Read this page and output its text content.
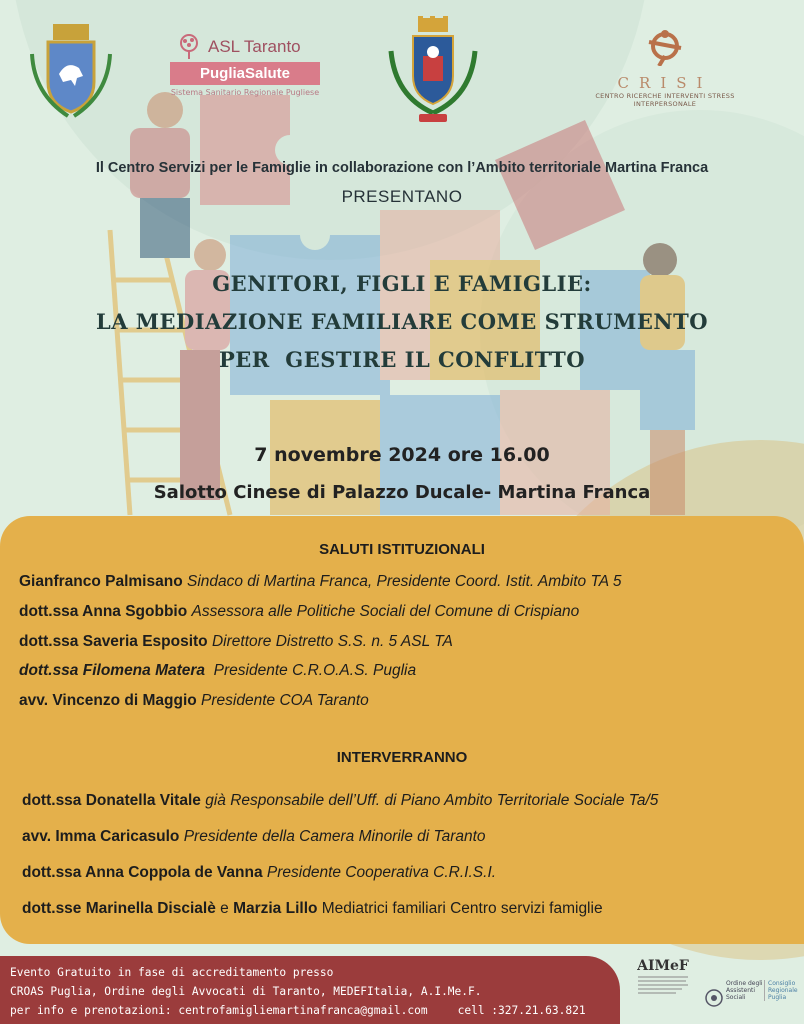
ASL Taranto
PugliaSalute
Sistema Sanitario Regionale Pugliese
CRISI
CENTRO RICERCHE INTERVENTI STRESS INTERPERSONALE
Il Centro Servizi per le Famiglie in collaborazione con l’Ambito territoriale Martina Franca
PRESENTANO
GENITORI, FIGLI E FAMIGLIE:
LA MEDIAZIONE FAMILIARE COME STRUMENTO
PER  GESTIRE IL CONFLITTO
7 novembre 2024 ore 16.00
Salotto Cinese di Palazzo Ducale- Martina Franca
SALUTI ISTITUZIONALI
Gianfranco Palmisano Sindaco di Martina Franca, Presidente Coord. Istit. Ambito TA 5
dott.ssa Anna Sgobbio Assessora alle Politiche Sociali del Comune di Crispiano
dott.ssa Saveria Esposito Direttore Distretto S.S. n. 5 ASL TA
dott.ssa Filomena Matera  Presidente C.R.O.A.S. Puglia
avv. Vincenzo di Maggio Presidente COA Taranto
INTERVERRANNO
dott.ssa Donatella Vitale già Responsabile dell’Uff. di Piano Ambito Territoriale Sociale Ta/5
avv. Imma Caricasulo Presidente della Camera Minorile di Taranto
dott.ssa Anna Coppola de Vanna Presidente Cooperativa C.R.I.S.I.
dott.sse Marinella Discialè e Marzia Lillo Mediatrici familiari Centro servizi famiglie
Evento Gratuito in fase di accreditamento presso
CROAS Puglia, Ordine degli Avvocati di Taranto, MEDEFItalia, A.I.Me.F.
per info e prenotazioni: centrofamigliemartinafranca@gmail.com	cell :327.21.63.821
AIMeF
Ordine degli Assistenti Sociali
Consiglio Regionale Puglia
